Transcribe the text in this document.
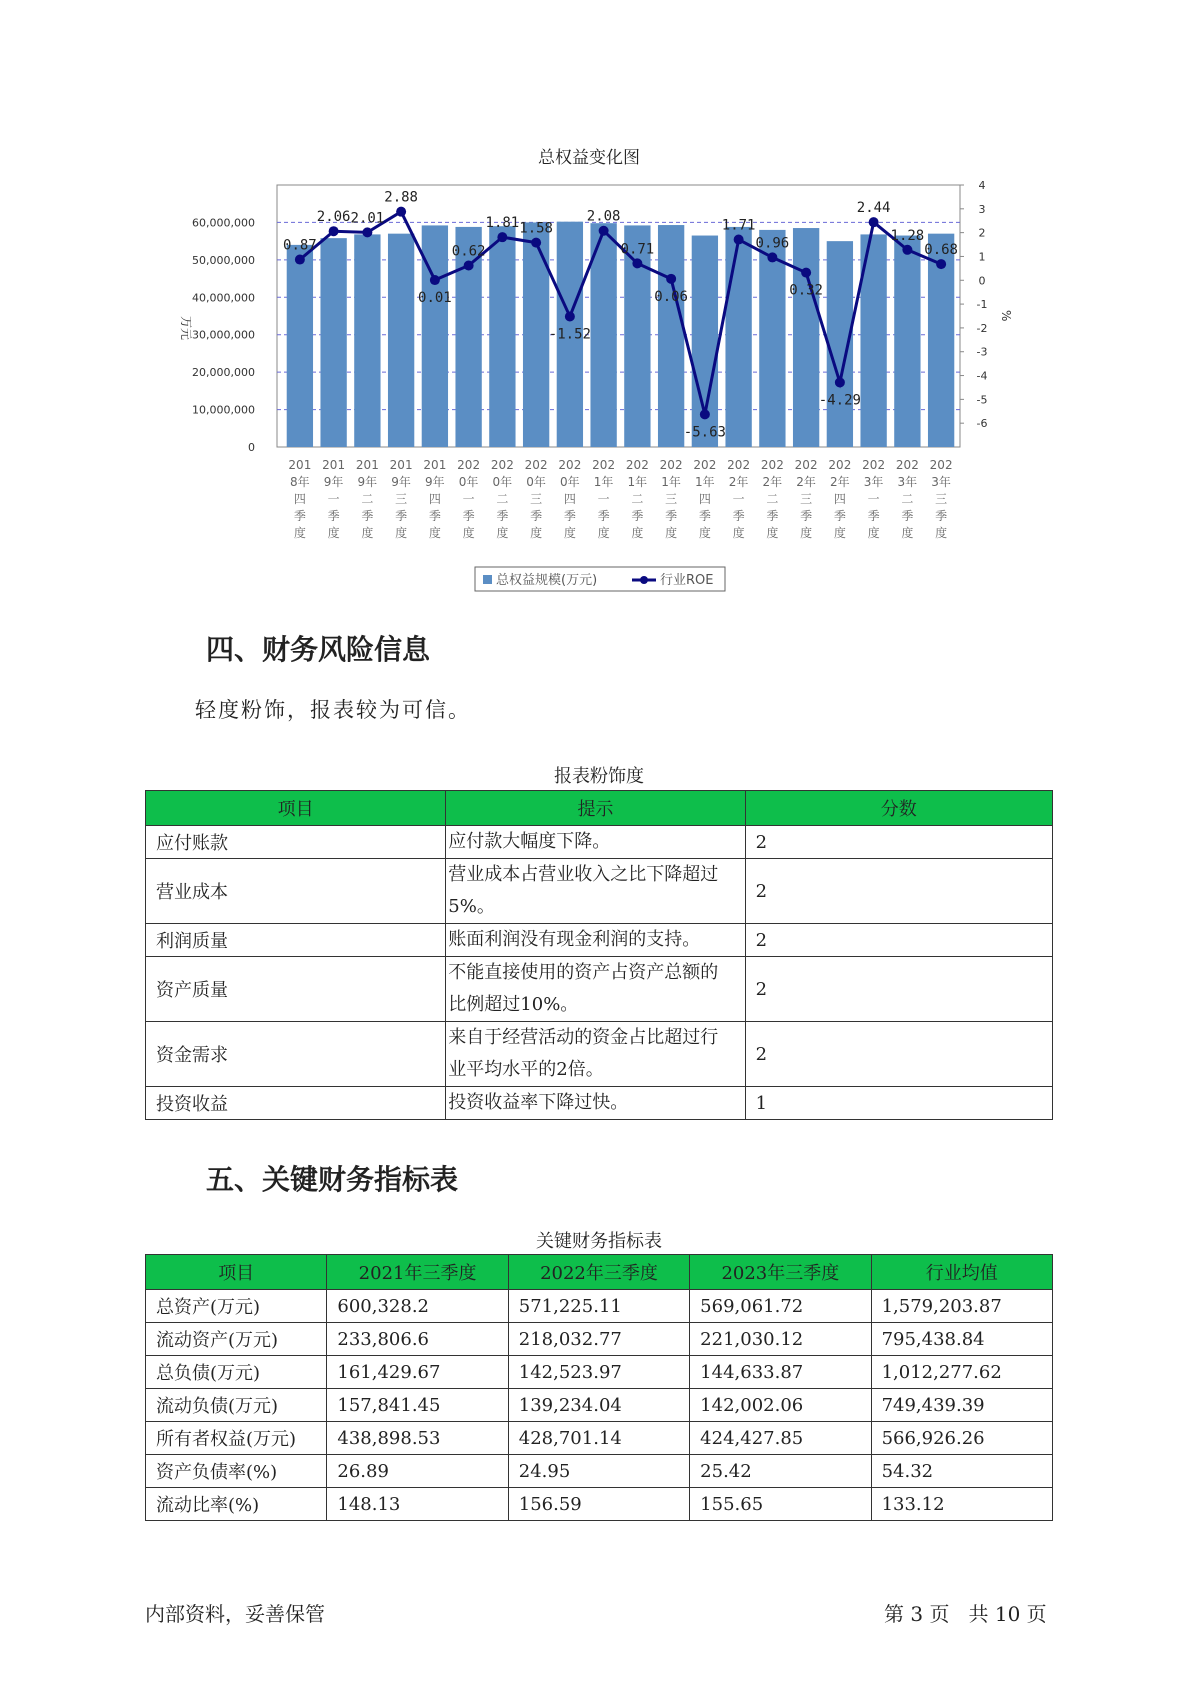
总权益变化图
0
10,000,000
20,000,000
30,000,000
40,000,000
50,000,000
60,000,000
4
3
2
1
0
-1
-2
-3
-4
-5
-6
万元
%
0.87
2.06 2.01
2.88
0.01
0.62
1.81 1.58
-1.52
2.08
0.71
0.06
-5.63
1.71
0.96
0.32
-4.29
2.44
1.28
0.68
201
8年
四
季
度
201
9年
一
季
度
201
9年
二
季
度
201
9年
三
季
度
201
9年
四
季
度
202
0年
一
季
度
202
0年
二
季
度
202
0年
三
季
度
202
0年
四
季
度
202
1年
一
季
度
202
1年
二
季
度
202
1年
三
季
度
202
1年
四
季
度
202
2年
一
季
度
202
2年
二
季
度
202
2年
三
季
度
202
2年
四
季
度
202
3年
一
季
度
202
3年
二
季
度
202
3年
三
季
度
总权益规模(万元)	行业ROE
四、财务风险信息
轻度粉饰，报表较为可信。
报表粉饰度
项目	提示	分数
应付账款	应付款大幅度下降。	2
营业成本	营业成本占营业收入之比下降超过5%。	2
利润质量	账面利润没有现金利润的支持。	2
资产质量	不能直接使用的资产占资产总额的比例超过10%。	2
资金需求	来自于经营活动的资金占比超过行业平均水平的2倍。	2
投资收益	投资收益率下降过快。	1
五、关键财务指标表
关键财务指标表
项目	2021年三季度	2022年三季度	2023年三季度	行业均值
总资产(万元)	600,328.2	571,225.11	569,061.72	1,579,203.87
流动资产(万元)	233,806.6	218,032.77	221,030.12	795,438.84
总负债(万元)	161,429.67	142,523.97	144,633.87	1,012,277.62
流动负债(万元)	157,841.45	139,234.04	142,002.06	749,439.39
所有者权益(万元)	438,898.53	428,701.14	424,427.85	566,926.26
资产负债率(%)	26.89	24.95	25.42	54.32
流动比率(%)	148.13	156.59	155.65	133.12
内部资料，妥善保管	第 3 页   共 10 页
